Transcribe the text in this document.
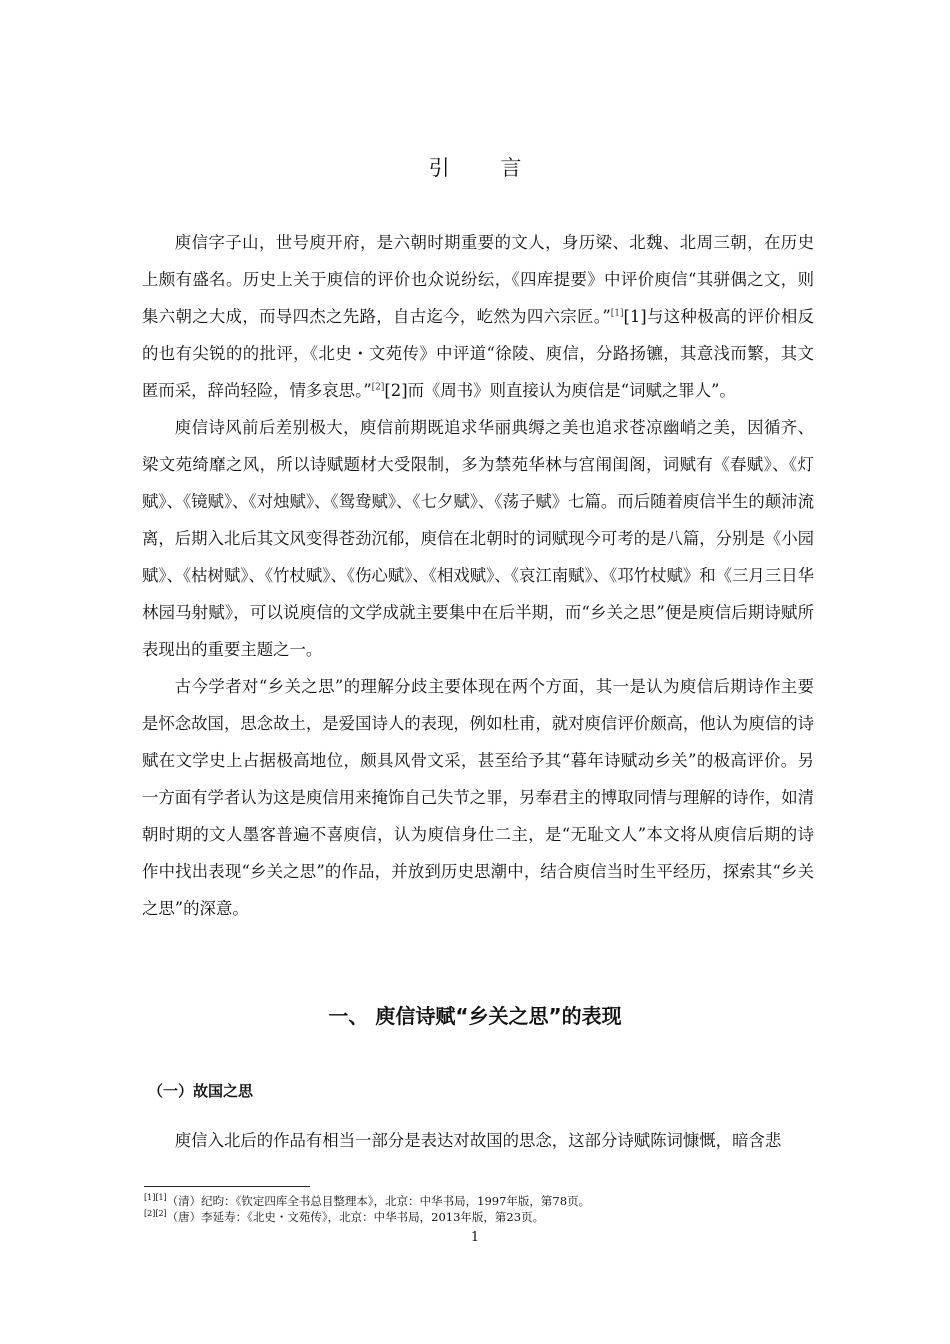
引 言

庾信字子山，世号庾开府，是六朝时期重要的文人，身历梁、北魏、北周三朝，在历史上颇有盛名。历史上关于庾信的评价也众说纷纭，《四库提要》中评价庾信“其骈偶之文，则集六朝之大成，而导四杰之先路，自古迄今，屹然为四六宗匠。”[1][1]与这种极高的评价相反的也有尖锐的的批评，《北史・文苑传》中评道“徐陵、庾信，分路扬镳，其意浅而繁，其文匿而采，辞尚轻险，情多哀思。”[2][2]而《周书》则直接认为庾信是“词赋之罪人”。

庾信诗风前后差别极大，庾信前期既追求华丽典缛之美也追求苍凉幽峭之美，因循齐、梁文苑绮靡之风，所以诗赋题材大受限制，多为禁苑华林与宫闱闺阁，词赋有《春赋》、《灯赋》、《镜赋》、《对烛赋》、《鸳鸯赋》、《七夕赋》、《荡子赋》七篇。而后随着庾信半生的颠沛流离，后期入北后其文风变得苍劲沉郁，庾信在北朝时的词赋现今可考的是八篇，分别是《小园赋》、《枯树赋》、《竹杖赋》、《伤心赋》、《相戏赋》、《哀江南赋》、《邛竹杖赋》和《三月三日华林园马射赋》，可以说庾信的文学成就主要集中在后半期，而“乡关之思”便是庾信后期诗赋所表现出的重要主题之一。

古今学者对“乡关之思”的理解分歧主要体现在两个方面，其一是认为庾信后期诗作主要是怀念故国，思念故土，是爱国诗人的表现，例如杜甫，就对庾信评价颇高，他认为庾信的诗赋在文学史上占据极高地位，颇具风骨文采，甚至给予其“暮年诗赋动乡关”的极高评价。另一方面有学者认为这是庾信用来掩饰自己失节之罪，另奉君主的博取同情与理解的诗作，如清朝时期的文人墨客普遍不喜庾信，认为庾信身仕二主，是“无耻文人”本文将从庾信后期的诗作中找出表现“乡关之思”的作品，并放到历史思潮中，结合庾信当时生平经历，探索其“乡关之思”的深意。

一、 庾信诗赋“乡关之思”的表现
（一）故国之思

庾信入北后的作品有相当一部分是表达对故国的思念，这部分诗赋陈词慷慨，暗含悲

[1][1]（清）纪昀：《钦定四库全书总目整理本》，北京：中华书局，1997年版，第78页。

[2][2]（唐）李延寿：《北史・文苑传》，北京：中华书局，2013年版，第23页。

1
